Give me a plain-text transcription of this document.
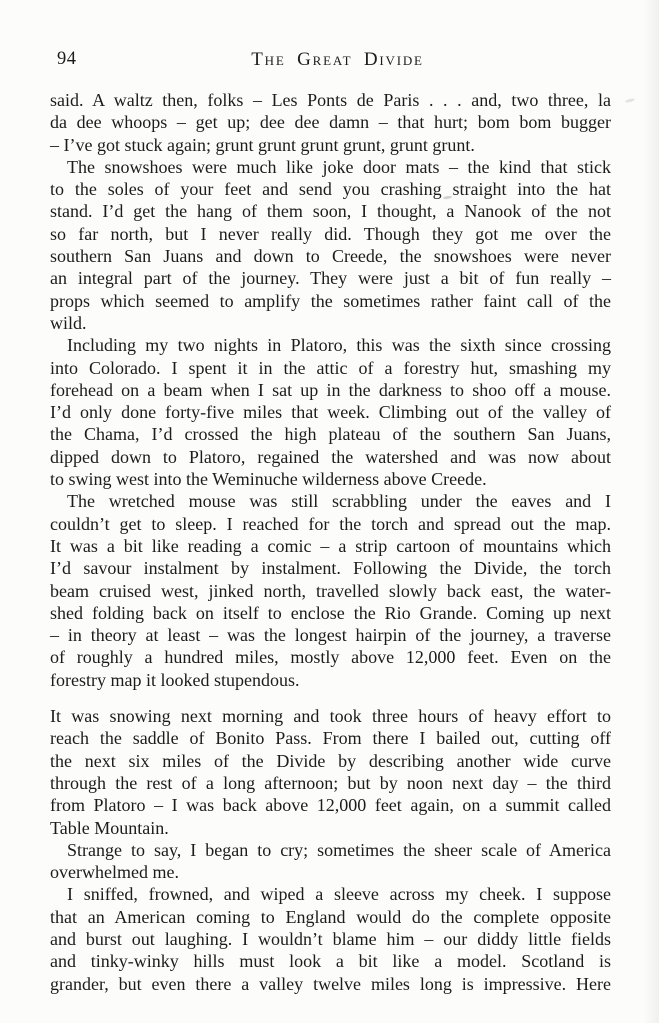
94	The Great Divide
said. A waltz then, folks – Les Ponts de Paris . . . and, two three, la
da dee whoops – get up; dee dee damn – that hurt; bom bom bugger
– I’ve got stuck again; grunt grunt grunt grunt, grunt grunt.
The snowshoes were much like joke door mats – the kind that stick
to the soles of your feet and send you crashing straight into the hat
stand. I’d get the hang of them soon, I thought, a Nanook of the not
so far north, but I never really did. Though they got me over the
southern San Juans and down to Creede, the snowshoes were never
an integral part of the journey. They were just a bit of fun really –
props which seemed to amplify the sometimes rather faint call of the
wild.
Including my two nights in Platoro, this was the sixth since crossing
into Colorado. I spent it in the attic of a forestry hut, smashing my
forehead on a beam when I sat up in the darkness to shoo off a mouse.
I’d only done forty-five miles that week. Climbing out of the valley of
the Chama, I’d crossed the high plateau of the southern San Juans,
dipped down to Platoro, regained the watershed and was now about
to swing west into the Weminuche wilderness above Creede.
The wretched mouse was still scrabbling under the eaves and I
couldn’t get to sleep. I reached for the torch and spread out the map.
It was a bit like reading a comic – a strip cartoon of mountains which
I’d savour instalment by instalment. Following the Divide, the torch
beam cruised west, jinked north, travelled slowly back east, the water-
shed folding back on itself to enclose the Rio Grande. Coming up next
– in theory at least – was the longest hairpin of the journey, a traverse
of roughly a hundred miles, mostly above 12,000 feet. Even on the
forestry map it looked stupendous.
It was snowing next morning and took three hours of heavy effort to
reach the saddle of Bonito Pass. From there I bailed out, cutting off
the next six miles of the Divide by describing another wide curve
through the rest of a long afternoon; but by noon next day – the third
from Platoro – I was back above 12,000 feet again, on a summit called
Table Mountain.
Strange to say, I began to cry; sometimes the sheer scale of America
overwhelmed me.
I sniffed, frowned, and wiped a sleeve across my cheek. I suppose
that an American coming to England would do the complete opposite
and burst out laughing. I wouldn’t blame him – our diddy little fields
and tinky-winky hills must look a bit like a model. Scotland is
grander, but even there a valley twelve miles long is impressive. Here
